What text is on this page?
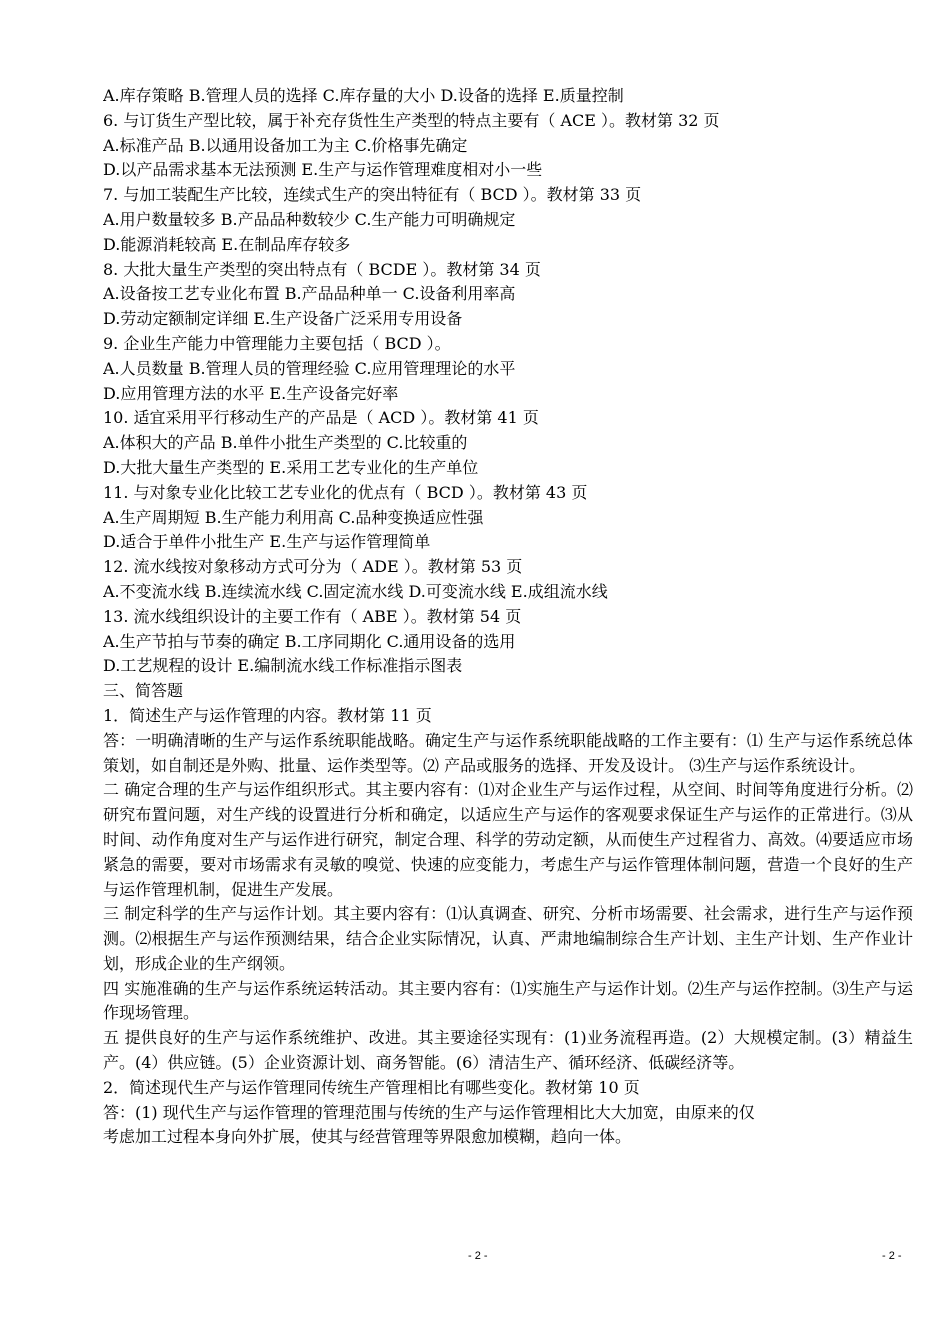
A.库存策略 B.管理人员的选择 C.库存量的大小 D.设备的选择 E.质量控制
6. 与订货生产型比较，属于补充存货性生产类型的特点主要有（ ACE ）。教材第 32 页
A.标准产品 B.以通用设备加工为主 C.价格事先确定
D.以产品需求基本无法预测 E.生产与运作管理难度相对小一些
7. 与加工装配生产比较，连续式生产的突出特征有（ BCD ）。教材第 33 页
A.用户数量较多 B.产品品种数较少 C.生产能力可明确规定
D.能源消耗较高 E.在制品库存较多
8. 大批大量生产类型的突出特点有（ BCDE ）。教材第 34 页
A.设备按工艺专业化布置 B.产品品种单一 C.设备利用率高
D.劳动定额制定详细 E.生产设备广泛采用专用设备
9. 企业生产能力中管理能力主要包括（ BCD ）。
A.人员数量 B.管理人员的管理经验 C.应用管理理论的水平
D.应用管理方法的水平 E.生产设备完好率
10. 适宜采用平行移动生产的产品是（ ACD ）。教材第 41 页
A.体积大的产品 B.单件小批生产类型的 C.比较重的
D.大批大量生产类型的 E.采用工艺专业化的生产单位
11. 与对象专业化比较工艺专业化的优点有（ BCD ）。教材第 43 页
A.生产周期短 B.生产能力利用高 C.品种变换适应性强
D.适合于单件小批生产 E.生产与运作管理简单
12. 流水线按对象移动方式可分为（ ADE ）。教材第 53 页
A.不变流水线 B.连续流水线 C.固定流水线 D.可变流水线 E.成组流水线
13. 流水线组织设计的主要工作有（ ABE ）。教材第 54 页
A.生产节拍与节奏的确定 B.工序同期化 C.通用设备的选用
D.工艺规程的设计 E.编制流水线工作标准指示图表
三、简答题
1．简述生产与运作管理的内容。教材第 11 页
答：一明确清晰的生产与运作系统职能战略。确定生产与运作系统职能战略的工作主要有：⑴ 生产与运作系统总体策划，如自制还是外购、批量、运作类型等。⑵ 产品或服务的选择、开发及设计。 ⑶生产与运作系统设计。
二 确定合理的生产与运作组织形式。其主要内容有：⑴对企业生产与运作过程，从空间、时间等角度进行分析。⑵研究布置问题，对生产线的设置进行分析和确定，以适应生产与运作的客观要求保证生产与运作的正常进行。⑶从时间、动作角度对生产与运作进行研究，制定合理、科学的劳动定额，从而使生产过程省力、高效。⑷要适应市场紧急的需要，要对市场需求有灵敏的嗅觉、快速的应变能力，考虑生产与运作管理体制问题，营造一个良好的生产与运作管理机制，促进生产发展。
三 制定科学的生产与运作计划。其主要内容有：⑴认真调查、研究、分析市场需要、社会需求，进行生产与运作预测。⑵根据生产与运作预测结果，结合企业实际情况，认真、严肃地编制综合生产计划、主生产计划、生产作业计划，形成企业的生产纲领。
四 实施准确的生产与运作系统运转活动。其主要内容有：⑴实施生产与运作计划。⑵生产与运作控制。⑶生产与运作现场管理。
五 提供良好的生产与运作系统维护、改进。其主要途径实现有：(1)业务流程再造。(2）大规模定制。(3）精益生产。(4）供应链。(5）企业资源计划、商务智能。(6）清洁生产、循环经济、低碳经济等。
2．简述现代生产与运作管理同传统生产管理相比有哪些变化。教材第 10 页
答：(1) 现代生产与运作管理的管理范围与传统的生产与运作管理相比大大加宽，由原来的仅
考虑加工过程本身向外扩展，使其与经营管理等界限愈加模糊，趋向一体。
- 2 -	- 2 -
